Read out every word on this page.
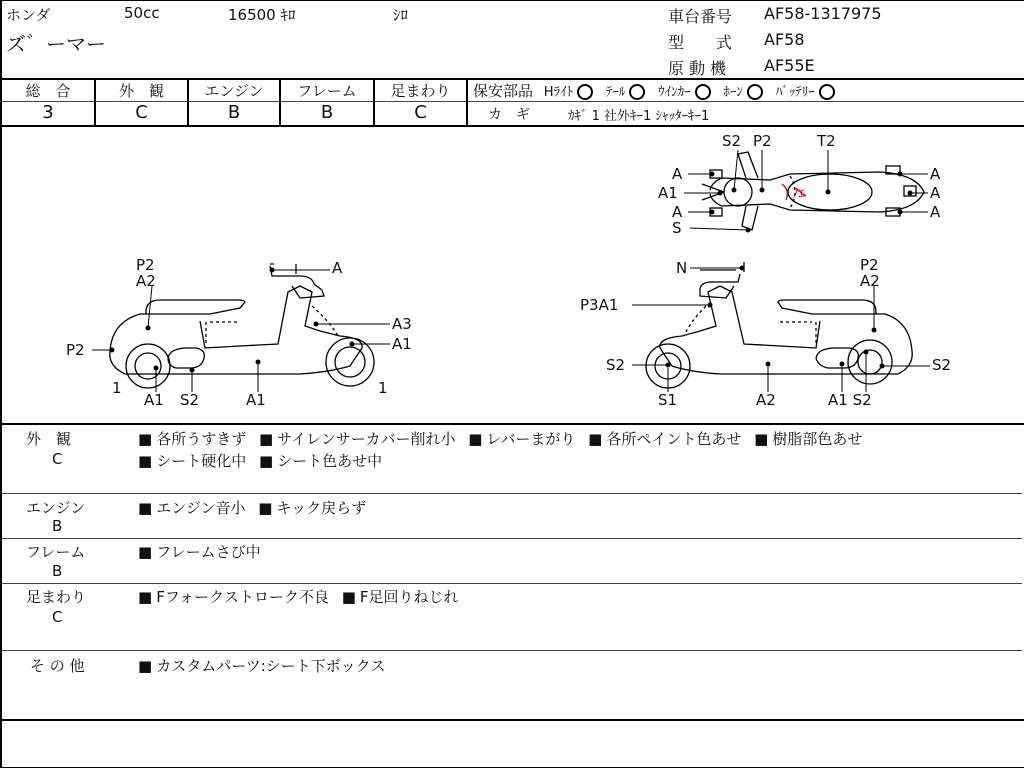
ホンダ	50cc	16500 ｷﾛ	ｼﾛ
ズ゛ーマー
車台番号 AF58-1317975
型　　式 AF58
原 動 機 AF55E
総　合	外　観	エンジン	フレーム	足まわり
3	C	B	B	C
保安部品 Hﾗｲﾄ	ﾃｰﾙ	ｳｲﾝｶｰ	ﾎｰﾝ	ﾊﾞｯﾃﾘｰ
カ　ギ	ｶｷﾞ 1 社外ｷｰ1 ｼｬｯﾀｰｷｰ1
P2
A2
A
A3
A1
P2
1
A1 S2	A1
1
N	P2
A2
P3A1
S2	S2
S1	A2	A1 S2
S2 P2	T2
A
A1
A
S
A
A
A
ﾉｴ
外　観
C
■ 各所うすきず ■ サイレンサーカバー削れ小 ■ レバーまがり ■ 各所ペイント色あせ ■ 樹脂部色あせ
■ シート硬化中 ■ シート色あせ中
エンジン
B
■ エンジン音小 ■ キック戻らず
フレーム
B
■ フレームさび中
足まわり
C
■ Fフォークストローク不良 ■ F足回りねじれ
そ の 他	■ カスタムパーツ:シート下ボックス
